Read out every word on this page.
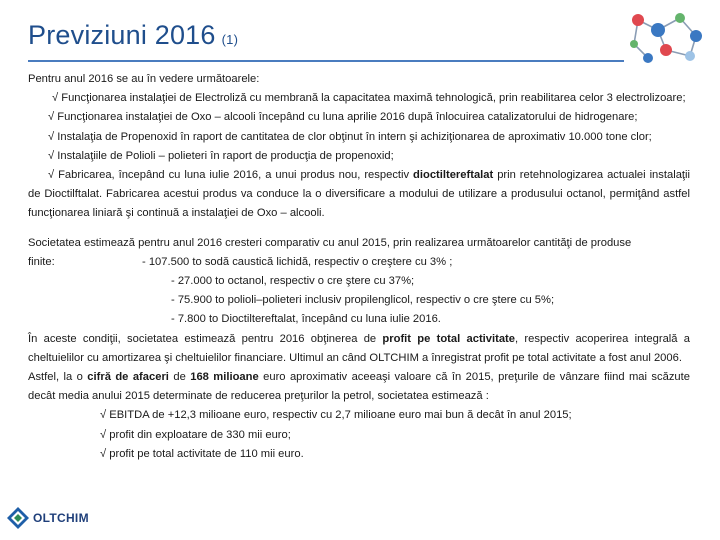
Previziuni 2016 (1)

Pentru anul 2016 se au în vedere următoarele:

√ Funcţionarea instalaţiei de Electroliză cu membrană la capacitatea maximă tehnologică, prin reabilitarea celor 3 electrolizoare;

√ Funcţionarea instalaţiei de Oxo – alcooli începând cu luna aprilie 2016 după înlocuirea catalizatorului de hidrogenare;

√ Instalaţia de Propenoxid în raport de cantitatea de clor obţinut în intern şi achiziţionarea de aproximativ 10.000 tone clor;

√ Instalaţiile de Polioli – polieteri în raport de producţia de propenoxid;

√ Fabricarea, începând cu luna iulie 2016, a unui produs nou, respectiv dioctiltereftalat prin retehnologizarea actualei instalaţii de Dioctilftalat. Fabricarea acestui produs va conduce la o diversificare a modului de utilizare a produsului octanol, permiţând astfel funcţionarea liniară şi continuă a instalaţiei de Oxo – alcooli.

Societatea estimează pentru anul 2016 cresteri comparativ cu anul 2015, prin realizarea următoarelor cantităţi de produse

finite:	- 107.500 to sodă caustică lichidă, respectiv o creştere cu 3% ;

- 27.000 to octanol, respectiv o cre ştere cu 37%;

- 75.900 to polioli–polieteri inclusiv propilenglicol, respectiv o cre ştere cu 5%;

- 7.800 to Dioctiltereftalat, începând cu luna iulie 2016.

În aceste condiţii, societatea estimează pentru 2016 obţinerea de profit pe total activitate, respectiv acoperirea integrală a cheltuielilor cu amortizarea şi cheltuielilor financiare. Ultimul an când OLTCHIM a înregistrat profit pe total activitate a fost anul 2006.

Astfel, la o cifră de afaceri de 168 milioane euro aproximativ aceeaşi valoare că în 2015, preţurile de vânzare fiind mai scăzute decât media anului 2015 determinate de reducerea preţurilor la petrol, societatea estimează :

√ EBITDA de +12,3 milioane euro, respectiv cu 2,7 milioane euro mai bun ă decât în anul 2015;

√ profit din exploatare de 330 mii euro;

√ profit pe total activitate de 110 mii euro.

OLTCHIM
